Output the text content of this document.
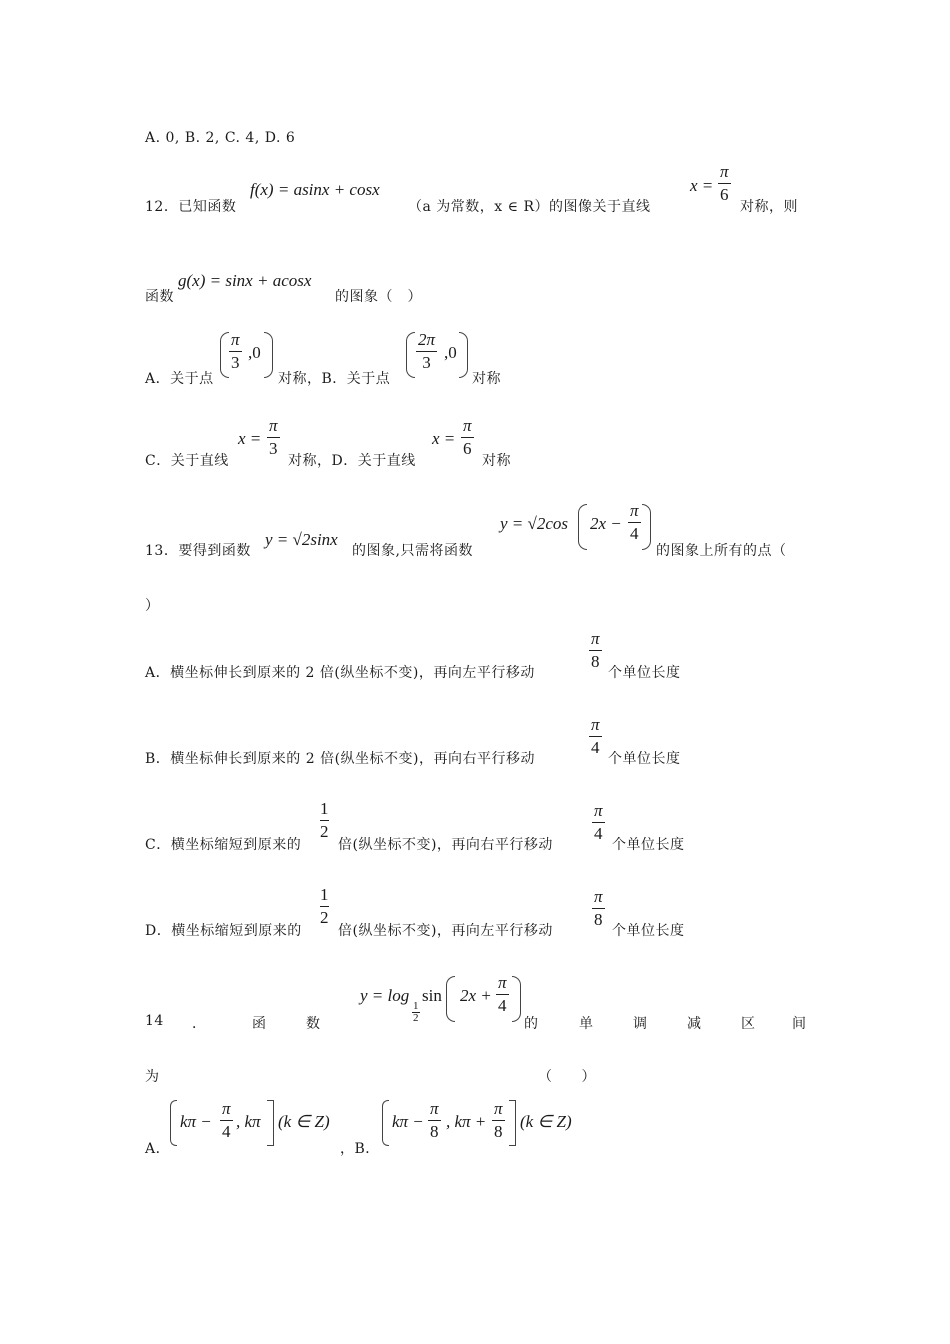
A. 0, B. 2, C. 4, D. 6
12．已知函数
f(x) = asinx + cosx
（a 为常数，x ∈ R）的图像关于直线
x =
π
6
对称，则
函数
g(x) = sinx + acosx
的图象（　）
A．关于点
π
3
,0
对称，B．关于点
2π
3
,0
对称
C．关于直线
x =
π
3
对称，D．关于直线
x =
π
6
对称
13．要得到函数
y = √2sinx
的图象,只需将函数
y = √2cos 2x −
π
4
的图象上所有的点（
）
A．横坐标伸长到原来的 2 倍(纵坐标不变)，再向左平行移动
π
8
个单位长度
B．横坐标伸长到原来的 2 倍(纵坐标不变)，再向右平行移动
π
4
个单位长度
C．横坐标缩短到原来的
1
2
倍(纵坐标不变)，再向右平行移动
π
4
个单位长度
D．横坐标缩短到原来的
1
2
倍(纵坐标不变)，再向左平行移动
π
8
个单位长度
14 ．	函	数
y = log
1
2
sin 2x +
π
4
的	单	调	减	区	间
为	（　　）
A．
kπ −
π
4
, kπ (k ∈ Z)
，B．
kπ −
π
8
, kπ +
π
8
(k ∈ Z)
